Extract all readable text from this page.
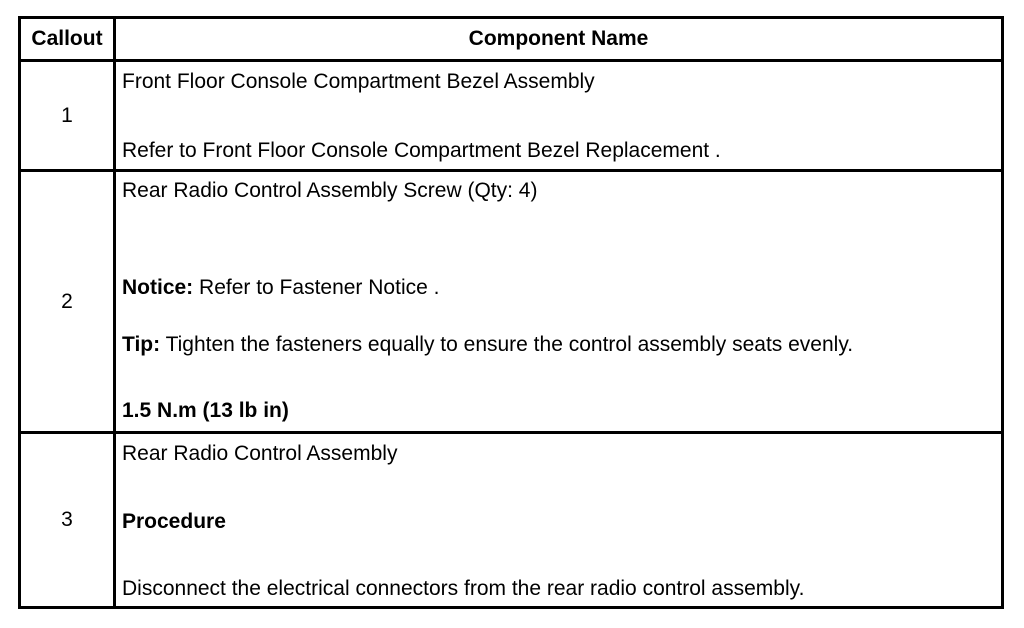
Callout	Component Name
1
Front Floor Console Compartment Bezel Assembly
Refer to Front Floor Console Compartment Bezel Replacement .
2
Rear Radio Control Assembly Screw (Qty: 4)
Notice: Refer to Fastener Notice .
Tip: Tighten the fasteners equally to ensure the control assembly seats evenly.
1.5 N.m (13 lb in)
3
Rear Radio Control Assembly
Procedure
Disconnect the electrical connectors from the rear radio control assembly.
